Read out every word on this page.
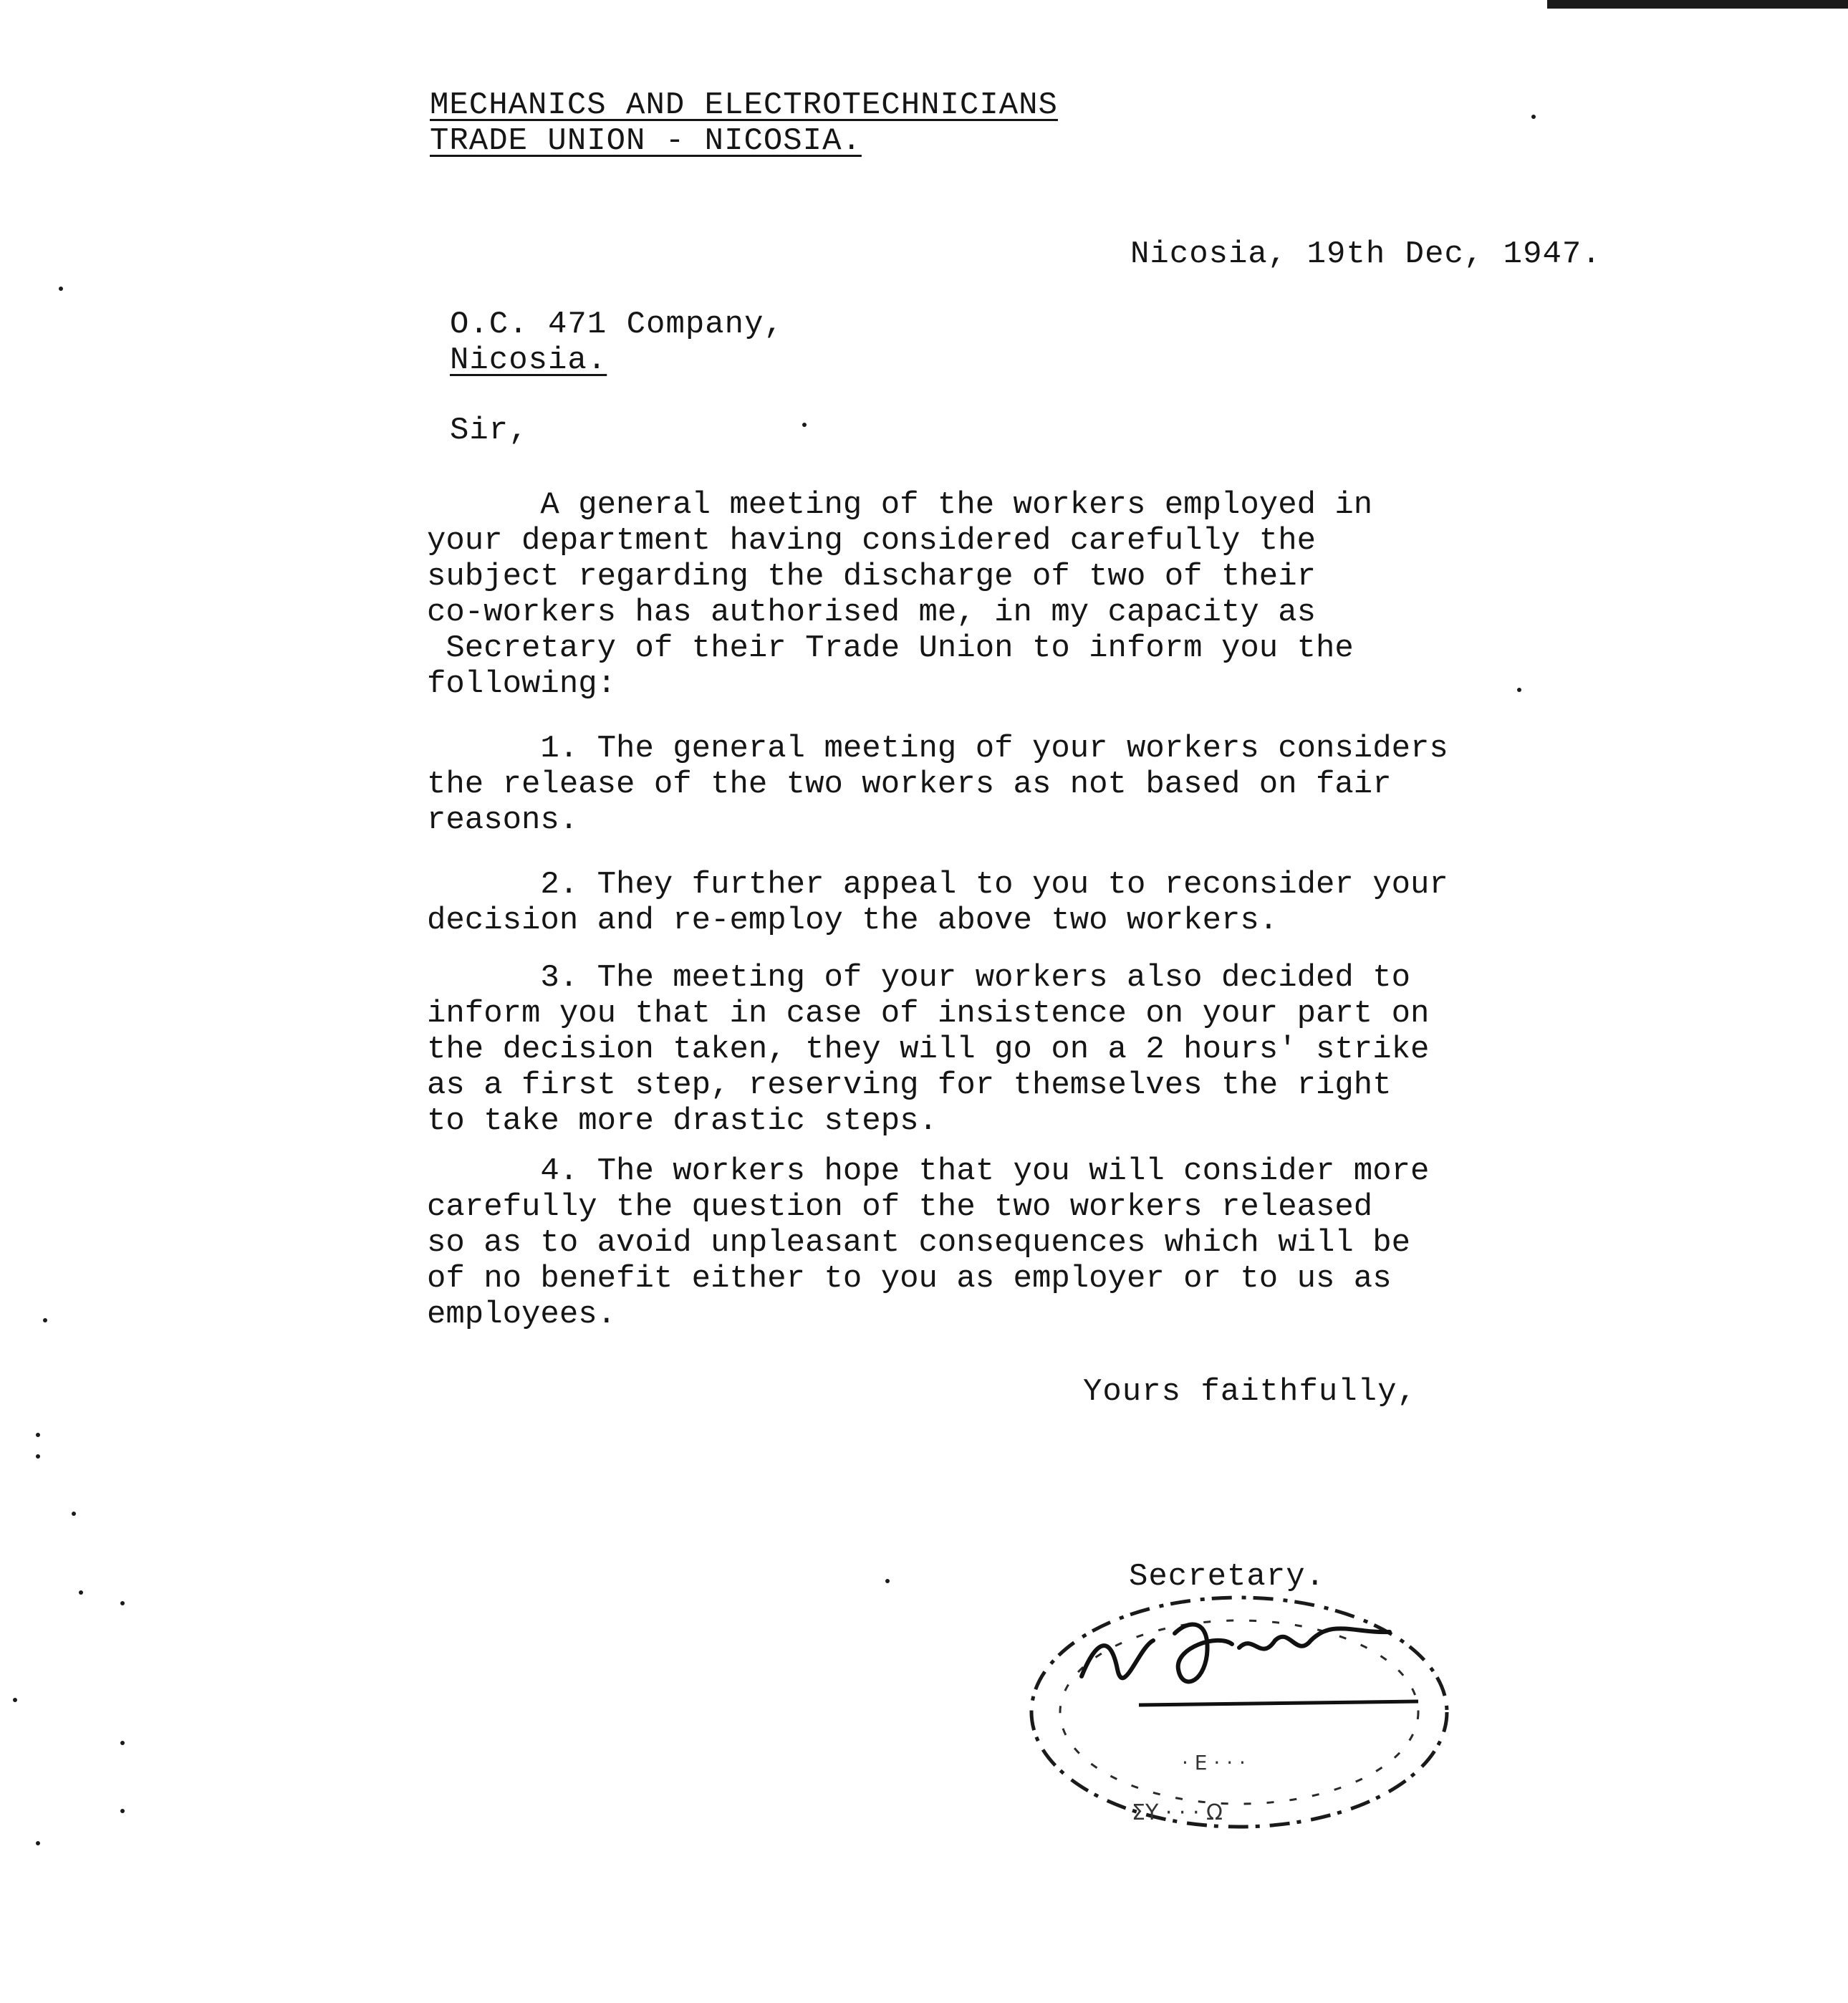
MECHANICS AND ELECTROTECHNICIANS
TRADE UNION - NICOSIA.
Nicosia, 19th Dec, 1947.
O.C. 471 Company,
Nicosia.
Sir,
A general meeting of the workers employed in
your department having considered carefully the
subject regarding the discharge of two of their
co-workers has authorised me, in my capacity as
Secretary of their Trade Union to inform you the
following:
1. The general meeting of your workers considers
the release of the two workers as not based on fair
reasons.
2. They further appeal to you to reconsider your
decision and re-employ the above two workers.
3. The meeting of your workers also decided to
inform you that in case of insistence on your part on
the decision taken, they will go on a 2 hours' strike
as a first step, reserving for themselves the right
to take more drastic steps.
4. The workers hope that you will consider more
carefully the question of the two workers released
so as to avoid unpleasant consequences which will be
of no benefit either to you as employer or to us as
employees.
Yours faithfully,
Secretary.
· E · · ·
ΣΥ · · · Ω
